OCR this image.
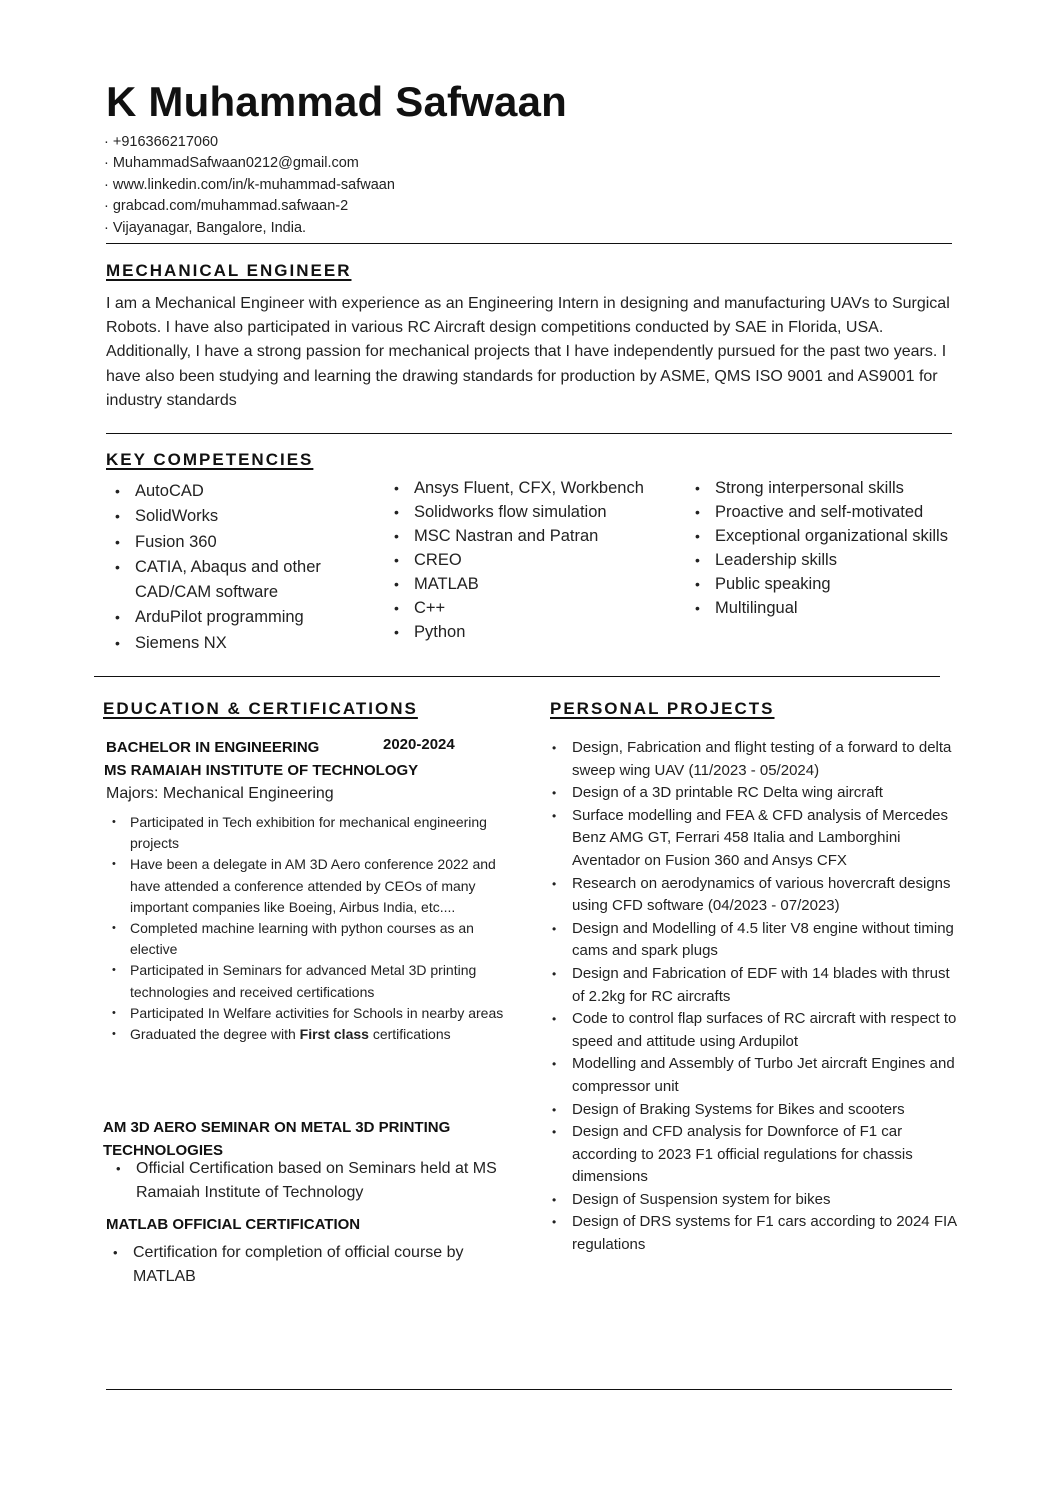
K Muhammad Safwaan
· +916366217060
· MuhammadSafwaan0212@gmail.com
· www.linkedin.com/in/k-muhammad-safwaan
· grabcad.com/muhammad.safwaan-2
· Vijayanagar, Bangalore, India.
MECHANICAL ENGINEER
I am a Mechanical Engineer with experience as an Engineering Intern in designing and manufacturing UAVs to Surgical Robots. I have also participated in various RC Aircraft design competitions conducted by SAE in Florida, USA. Additionally, I have a strong passion for mechanical projects that I have independently pursued for the past two years. I have also been studying and learning the drawing standards for production by ASME, QMS ISO 9001 and AS9001 for industry standards
KEY COMPETENCIES
• AutoCAD
• SolidWorks
• Fusion 360
• CATIA, Abaqus and other CAD/CAM software
• ArduPilot programming
• Siemens NX
• Ansys Fluent, CFX, Workbench
• Solidworks flow simulation
• MSC Nastran and Patran
• CREO
• MATLAB
• C++
• Python
• Strong interpersonal skills
• Proactive and self-motivated
• Exceptional organizational skills
• Leadership skills
• Public speaking
• Multilingual
EDUCATION & CERTIFICATIONS
BACHELOR IN ENGINEERING	2020-2024
MS RAMAIAH INSTITUTE OF TECHNOLOGY
Majors: Mechanical Engineering
• Participated in Tech exhibition for mechanical engineering projects
• Have been a delegate in AM 3D Aero conference 2022 and have attended a conference attended by CEOs of many important companies like Boeing, Airbus India, etc....
• Completed machine learning with python courses as an elective
• Participated in Seminars for advanced Metal 3D printing technologies and received certifications
• Participated In Welfare activities for Schools in nearby areas
• Graduated the degree with First class certifications
AM 3D AERO SEMINAR ON METAL 3D PRINTING TECHNOLOGIES
• Official Certification based on Seminars held at MS Ramaiah Institute of Technology
MATLAB OFFICIAL CERTIFICATION
• Certification for completion of official course by MATLAB
PERSONAL PROJECTS
• Design, Fabrication and flight testing of a forward to delta sweep wing UAV (11/2023 - 05/2024)
• Design of a 3D printable RC Delta wing aircraft
• Surface modelling and FEA & CFD analysis of Mercedes Benz AMG GT, Ferrari 458 Italia and Lamborghini Aventador on Fusion 360 and Ansys CFX
• Research on aerodynamics of various hovercraft designs using CFD software (04/2023 - 07/2023)
• Design and Modelling of 4.5 liter V8 engine without timing cams and spark plugs
• Design and Fabrication of EDF with 14 blades with thrust of 2.2kg for RC aircrafts
• Code to control flap surfaces of RC aircraft with respect to speed and attitude using Ardupilot
• Modelling and Assembly of Turbo Jet aircraft Engines and compressor unit
• Design of Braking Systems for Bikes and scooters
• Design and CFD analysis for Downforce of F1 car according to 2023 F1 official regulations for chassis dimensions
• Design of Suspension system for bikes
• Design of DRS systems for F1 cars according to 2024 FIA regulations
